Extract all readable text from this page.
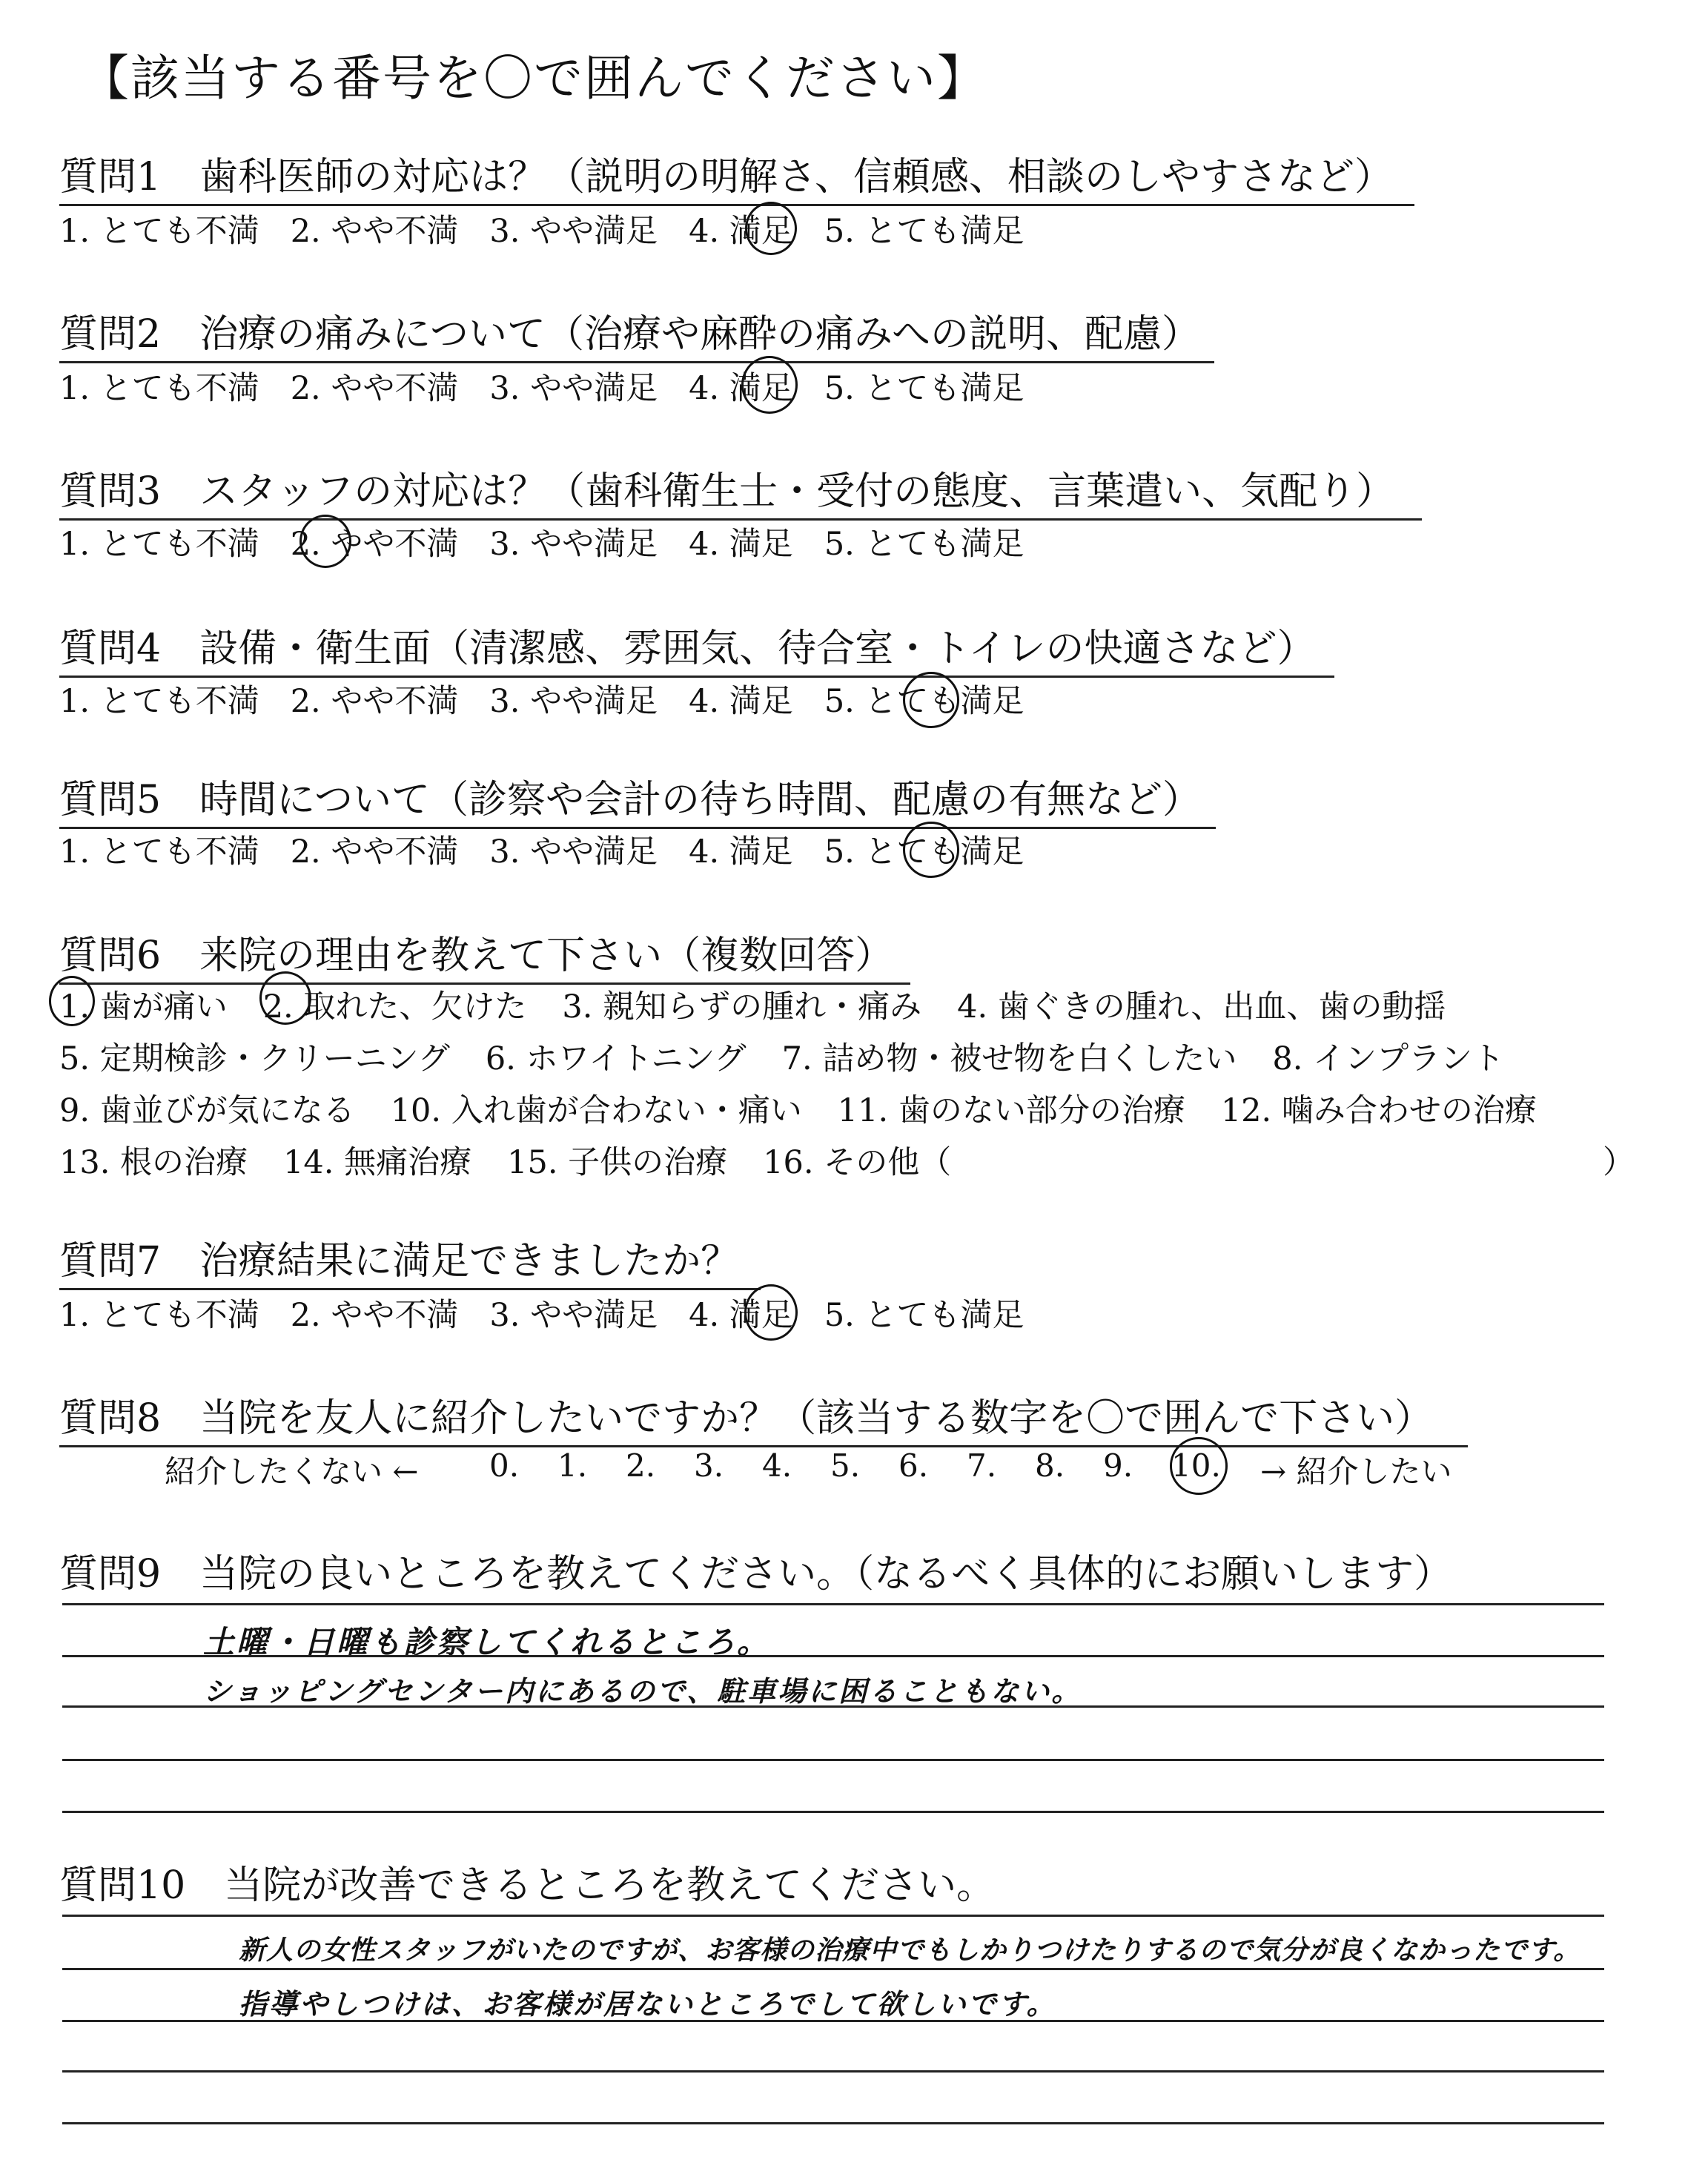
【該当する番号を〇で囲んでください】
質問1　歯科医師の対応は？（説明の明解さ、信頼感、相談のしやすさなど）
1. とても不満 2. やや不満 3. やや満足 4. 満足 5. とても満足
質問2　治療の痛みについて（治療や麻酔の痛みへの説明、配慮）
1. とても不満 2. やや不満 3. やや満足 4. 満足 5. とても満足
質問3　スタッフの対応は？（歯科衛生士・受付の態度、言葉遣い、気配り）
1. とても不満 2. やや不満 3. やや満足 4. 満足 5. とても満足
質問4　設備・衛生面（清潔感、雰囲気、待合室・トイレの快適さなど）
1. とても不満 2. やや不満 3. やや満足 4. 満足 5. とても満足
質問5　時間について（診察や会計の待ち時間、配慮の有無など）
1. とても不満 2. やや不満 3. やや満足 4. 満足 5. とても満足
質問6　来院の理由を教えて下さい（複数回答）
1. 歯が痛い 2. 取れた、欠けた 3. 親知らずの腫れ・痛み 4. 歯ぐきの腫れ、出血、歯の動揺
5. 定期検診・クリーニング 6. ホワイトニング 7. 詰め物・被せ物を白くしたい 8. インプラント
9. 歯並びが気になる 10. 入れ歯が合わない・痛い 11. 歯のない部分の治療 12. 噛み合わせの治療
13. 根の治療 14. 無痛治療 15. 子供の治療 16. その他（	）
質問7　治療結果に満足できましたか？
1. とても不満 2. やや不満 3. やや満足 4. 満足 5. とても満足
質問8　当院を友人に紹介したいですか？（該当する数字を〇で囲んで下さい）
紹介したくない ← 0. 1. 2. 3. 4. 5. 6. 7. 8. 9. 10.	→ 紹介したい
質問9　当院の良いところを教えてください。（なるべく具体的にお願いします）
土曜・日曜も診察してくれるところ。
ショッピングセンター内にあるので、駐車場に困ることもない。
質問10　当院が改善できるところを教えてください。
新人の女性スタッフがいたのですが、お客様の治療中でもしかりつけたりするので気分が良くなかったです。
指導やしつけは、お客様が居ないところでして欲しいです。
